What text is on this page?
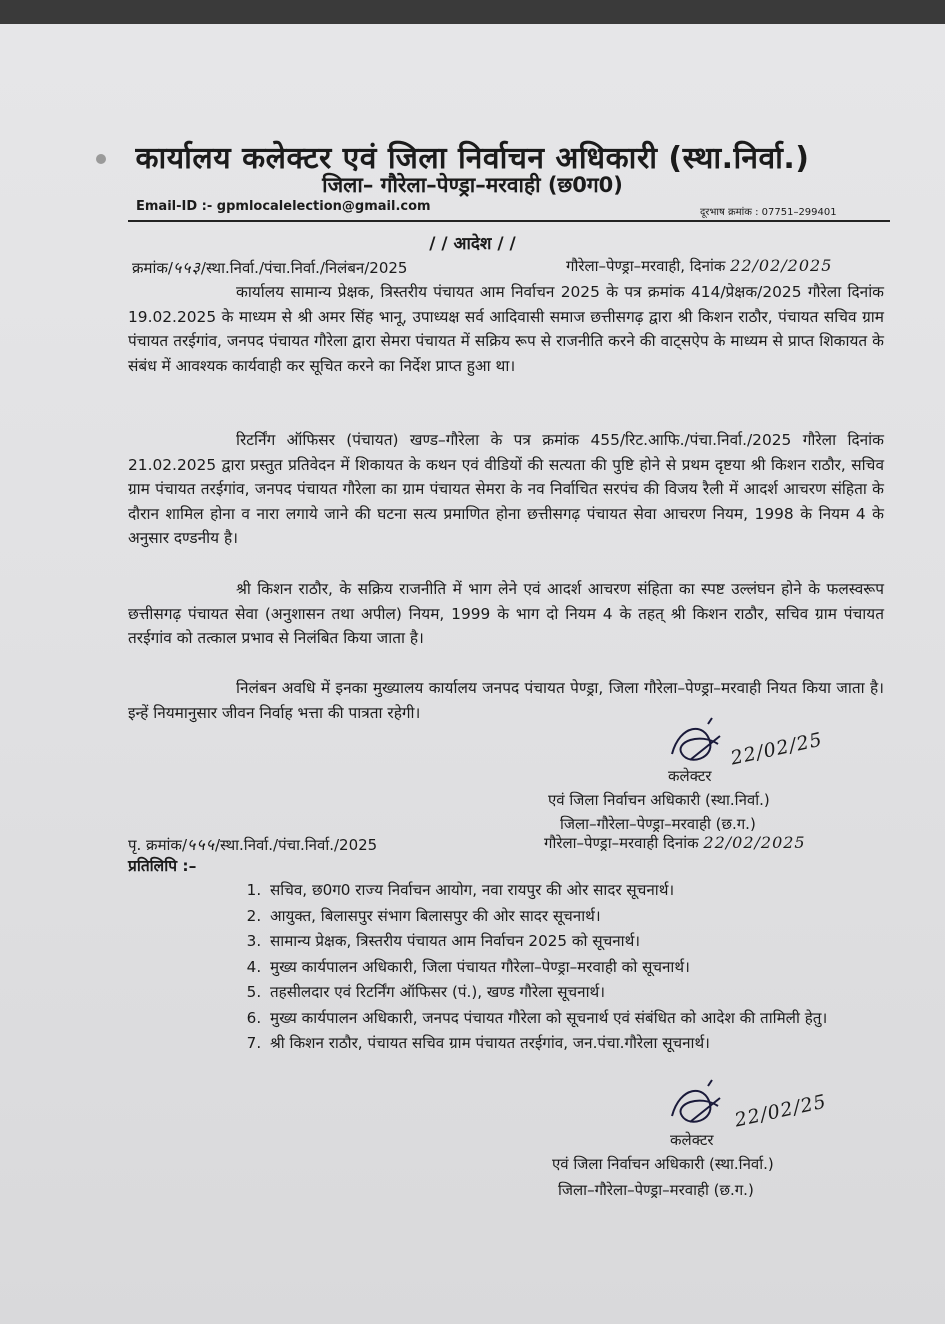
कार्यालय कलेक्टर एवं जिला निर्वाचन अधिकारी (स्था.निर्वा.)
जिला– गौरेला–पेण्ड्रा–मरवाही (छ0ग0)
Email-ID :- gpmlocalelection@gmail.com	दूरभाष क्रमांक : 07751–299401
/ / आदेश / /
क्रमांक/५५३/स्था.निर्वा./पंचा.निर्वा./निलंबन/2025	गौरेला–पेण्ड्रा–मरवाही, दिनांक 22/02/2025
कार्यालय सामान्य प्रेक्षक, त्रिस्तरीय पंचायत आम निर्वाचन 2025 के पत्र क्रमांक 414/प्रेक्षक/2025 गौरेला दिनांक 19.02.2025 के माध्यम से श्री अमर सिंह भानू, उपाध्यक्ष सर्व आदिवासी समाज छत्तीसगढ़ द्वारा श्री किशन राठौर, पंचायत सचिव ग्राम पंचायत तरईगांव, जनपद पंचायत गौरेला द्वारा सेमरा पंचायत में सक्रिय रूप से राजनीति करने की वाट्सऐप के माध्यम से प्राप्त शिकायत के संबंध में आवश्यक कार्यवाही कर सूचित करने का निर्देश प्राप्त हुआ था।
रिटर्निंग ऑफिसर (पंचायत) खण्ड–गौरेला के पत्र क्रमांक 455/रिट.आफि./पंचा.निर्वा./2025 गौरेला दिनांक 21.02.2025 द्वारा प्रस्तुत प्रतिवेदन में शिकायत के कथन एवं वीडियों की सत्यता की पुष्टि होने से प्रथम दृष्टया श्री किशन राठौर, सचिव ग्राम पंचायत तरईगांव, जनपद पंचायत गौरेला का ग्राम पंचायत सेमरा के नव निर्वाचित सरपंच की विजय रैली में आदर्श आचरण संहिता के दौरान शामिल होना व नारा लगाये जाने की घटना सत्य प्रमाणित होना छत्तीसगढ़ पंचायत सेवा आचरण नियम, 1998 के नियम 4 के अनुसार दण्डनीय है।
श्री किशन राठौर, के सक्रिय राजनीति में भाग लेने एवं आदर्श आचरण संहिता का स्पष्ट उल्लंघन होने के फलस्वरूप छत्तीसगढ़ पंचायत सेवा (अनुशासन तथा अपील) नियम, 1999 के भाग दो नियम 4 के तहत् श्री किशन राठौर, सचिव ग्राम पंचायत तरईगांव को तत्काल प्रभाव से निलंबित किया जाता है।
निलंबन अवधि में इनका मुख्यालय कार्यालय जनपद पंचायत पेण्ड्रा, जिला गौरेला–पेण्ड्रा–मरवाही नियत किया जाता है। इन्हें नियमानुसार जीवन निर्वाह भत्ता की पात्रता रहेगी।
22/02/25
कलेक्टर
एवं जिला निर्वाचन अधिकारी (स्था.निर्वा.)
जिला–गौरेला–पेण्ड्रा–मरवाही (छ.ग.)
पृ. क्रमांक/५५५/स्था.निर्वा./पंचा.निर्वा./2025	गौरेला–पेण्ड्रा–मरवाही दिनांक 22/02/2025
प्रतिलिपि :–
1. सचिव, छ0ग0 राज्य निर्वाचन आयोग, नवा रायपुर की ओर सादर सूचनार्थ।
2. आयुक्त, बिलासपुर संभाग बिलासपुर की ओर सादर सूचनार्थ।
3. सामान्य प्रेक्षक, त्रिस्तरीय पंचायत आम निर्वाचन 2025 को सूचनार्थ।
4. मुख्य कार्यपालन अधिकारी, जिला पंचायत गौरेला–पेण्ड्रा–मरवाही को सूचनार्थ।
5. तहसीलदार एवं रिटर्निंग ऑफिसर (पं.), खण्ड गौरेला सूचनार्थ।
6. मुख्य कार्यपालन अधिकारी, जनपद पंचायत गौरेला को सूचनार्थ एवं संबंधित को आदेश की तामिली हेतु।
7. श्री किशन राठौर, पंचायत सचिव ग्राम पंचायत तरईगांव, जन.पंचा.गौरेला सूचनार्थ।
22/02/25
कलेक्टर
एवं जिला निर्वाचन अधिकारी (स्था.निर्वा.)
जिला–गौरेला–पेण्ड्रा–मरवाही (छ.ग.)
